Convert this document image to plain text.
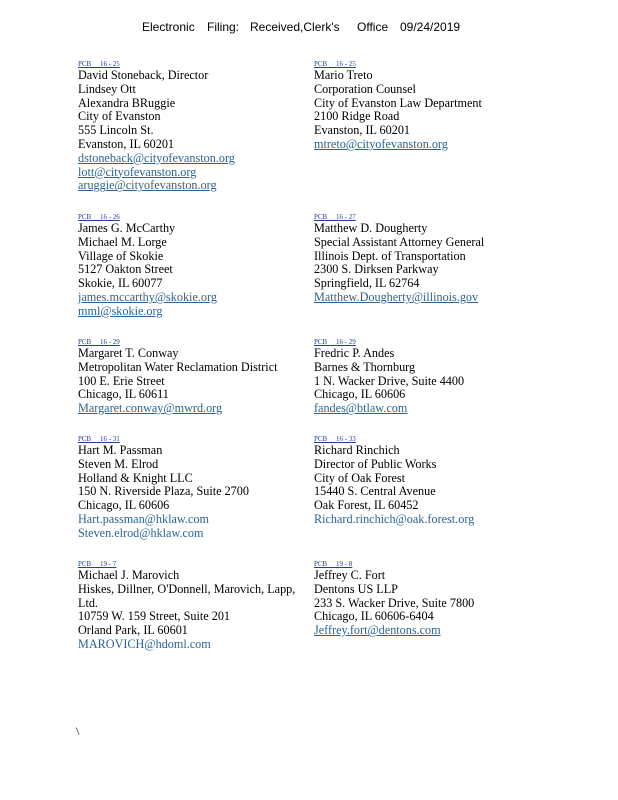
Electronic Filing: Received,Clerk's Office 09/24/2019
PCB     16 - 25
David Stoneback, Director
Lindsey Ott
Alexandra BRuggie
City of Evanston
555 Lincoln St.
Evanston, IL 60201
dstoneback@cityofevanston.org
lott@cityofevanston.org
aruggie@cityofevanston.org
PCB     16 - 25
Mario Treto
Corporation Counsel
City of Evanston Law Department
2100 Ridge Road
Evanston, IL 60201
mtreto@cityofevanston.org
PCB     16 - 26
James G. McCarthy
Michael M. Lorge
Village of Skokie
5127 Oakton Street
Skokie, IL 60077
james.mccarthy@skokie.org
mml@skokie.org
PCB     16 - 27
Matthew D. Dougherty
Special Assistant Attorney General
Illinois Dept. of Transportation
2300 S. Dirksen Parkway
Springfield, IL 62764
Matthew.Dougherty@illinois.gov
PCB     16 - 29
Margaret T. Conway
Metropolitan Water Reclamation District
100 E. Erie Street
Chicago, IL 60611
Margaret.conway@mwrd.org
PCB     16 - 29
Fredric P. Andes
Barnes & Thornburg
1 N. Wacker Drive, Suite 4400
Chicago, IL 60606
fandes@btlaw.com
PCB     16 - 31
Hart M. Passman
Steven M. Elrod
Holland & Knight LLC
150 N. Riverside Plaza, Suite 2700
Chicago, IL 60606
Hart.passman@hklaw.com
Steven.elrod@hklaw.com
PCB     16 - 33
Richard Rinchich
Director of Public Works
City of Oak Forest
15440 S. Central Avenue
Oak Forest, IL 60452
Richard.rinchich@oak.forest.org
PCB     19 - 7
Michael J. Marovich
Hiskes, Dillner, O'Donnell, Marovich, Lapp,
Ltd.
10759 W. 159 Street, Suite 201
Orland Park, IL 60601
MAROVICH@hdoml.com
PCB     19 - 8
Jeffrey C. Fort
Dentons US LLP
233 S. Wacker Drive, Suite 7800
Chicago, IL 60606-6404
Jeffrey.fort@dentons.com
\
